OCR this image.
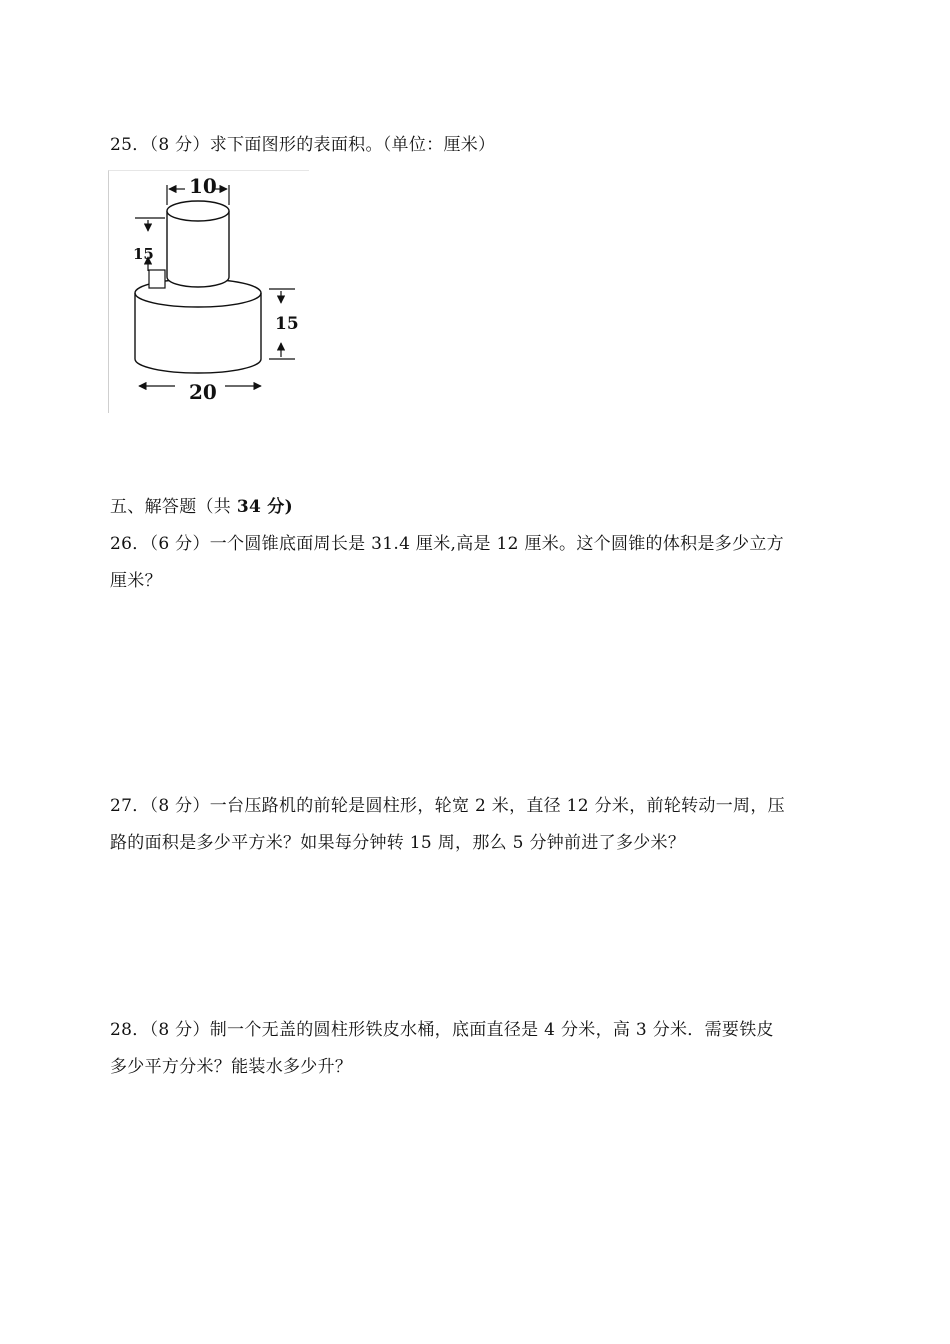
25．（8 分）求下面图形的表面积。（单位：厘米）
10
15
15
20
五、解答题（共 34 分)
26．（6 分）一个圆锥底面周长是 31.4 厘米,高是 12 厘米。这个圆锥的体积是多少立方
厘米？
27．（8 分）一台压路机的前轮是圆柱形，轮宽 2 米，直径 12 分米，前轮转动一周，压
路的面积是多少平方米？如果每分钟转 15 周，那么 5 分钟前进了多少米？
28．（8 分）制一个无盖的圆柱形铁皮水桶，底面直径是 4 分米，高 3 分米．需要铁皮
多少平方分米？能装水多少升？
